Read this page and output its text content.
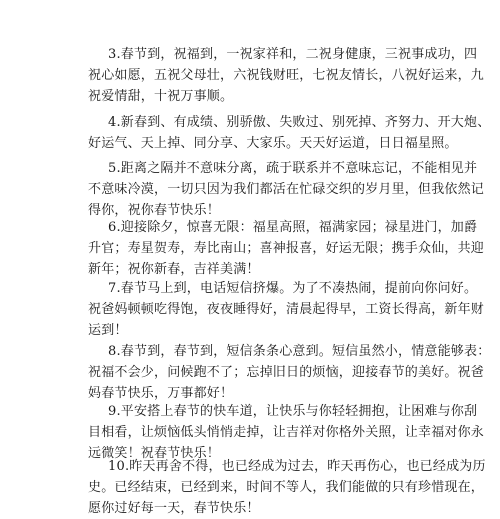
3.春节到，祝福到，一祝家祥和，二祝身健康，三祝事成功，四
祝心如愿，五祝父母壮，六祝钱财旺，七祝友情长，八祝好运来，九
祝爱情甜，十祝万事顺。
4.新春到、有成绩、别骄傲、失败过、别死掉、齐努力、开大炮、
好运气、天上掉、同分享、大家乐。天天好运道，日日福星照。
5.距离之隔并不意味分离，疏于联系并不意味忘记，不能相见并
不意味冷漠，一切只因为我们都活在忙碌交织的岁月里，但我依然记
得你，祝你春节快乐！
6.迎接除夕，惊喜无限：福星高照，福满家园；禄星进门，加爵
升官；寿星贺寿，寿比南山；喜神报喜，好运无限；携手众仙，共迎
新年；祝你新春，吉祥美满！
7.春节马上到，电话短信挤爆。为了不凑热闹，提前向你问好。
祝爸妈顿顿吃得饱，夜夜睡得好，清晨起得早，工资长得高，新年财
运到！
8.春节到，春节到，短信条条心意到。短信虽然小，情意能够表：
祝福不会少，问候跑不了；忘掉旧日的烦恼，迎接春节的美好。祝爸
妈春节快乐，万事都好！
9.平安搭上春节的快车道，让快乐与你轻轻拥抱，让困难与你刮
目相看，让烦恼低头悄悄走掉，让吉祥对你格外关照，让幸福对你永
远微笑！祝春节快乐！
10.昨天再舍不得，也已经成为过去，昨天再伤心，也已经成为历
史。已经结束，已经到来，时间不等人，我们能做的只有珍惜现在，
愿你过好每一天，春节快乐！
